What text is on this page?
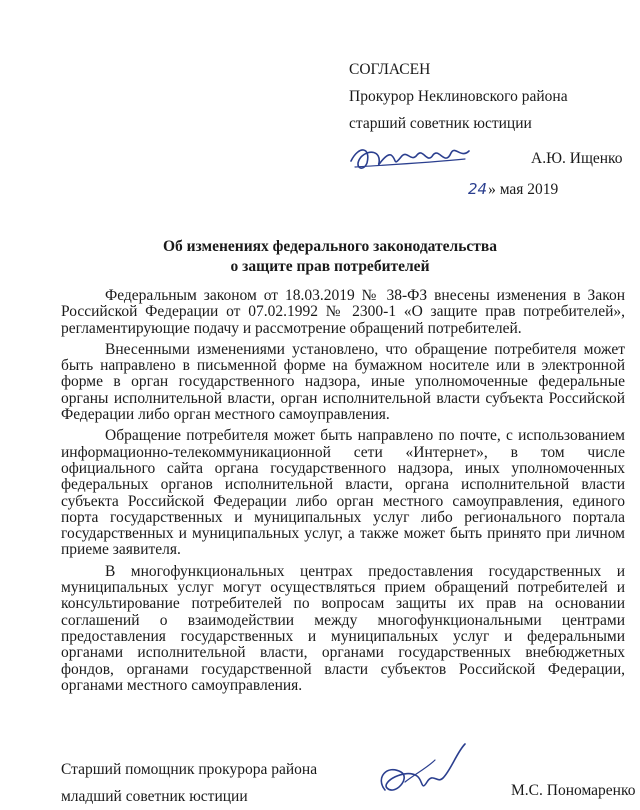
СОГЛАСЕН
Прокурор Неклиновского района
старший советник юстиции
А.Ю. Ищенко
24» мая 2019
Об изменениях федерального законодательства
о защите прав потребителей

Федеральным законом от 18.03.2019 № 38-ФЗ внесены изменения в Закон Российской Федерации от 07.02.1992 № 2300-1 «О защите прав потребителей», регламентирующие подачу и рассмотрение обращений потребителей.

Внесенными изменениями установлено, что обращение потребителя может быть направлено в письменной форме на бумажном носителе или в электронной форме в орган государственного надзора, иные уполномоченные федеральные органы исполнительной власти, орган исполнительной власти субъекта Российской Федерации либо орган местного самоуправления.

Обращение потребителя может быть направлено по почте, с использованием информационно-телекоммуникационной сети «Интернет», в том числе официального сайта органа государственного надзора, иных уполномоченных федеральных органов исполнительной власти, органа исполнительной власти субъекта Российской Федерации либо орган местного самоуправления, единого порта государственных и муниципальных услуг либо регионального портала государственных и муниципальных услуг, а также может быть принято при личном приеме заявителя.

В многофункциональных центрах предоставления государственных и муниципальных услуг могут осуществляться прием обращений потребителей и консультирование потребителей по вопросам защиты их прав на основании соглашений о взаимодействии между многофункциональными центрами предоставления государственных и муниципальных услуг и федеральными органами исполнительной власти, органами государственных внебюджетных фондов, органами государственной власти субъектов Российской Федерации, органами местного самоуправления.

Старший помощник прокурора района
младший советник юстиции	М.С. Пономаренко
